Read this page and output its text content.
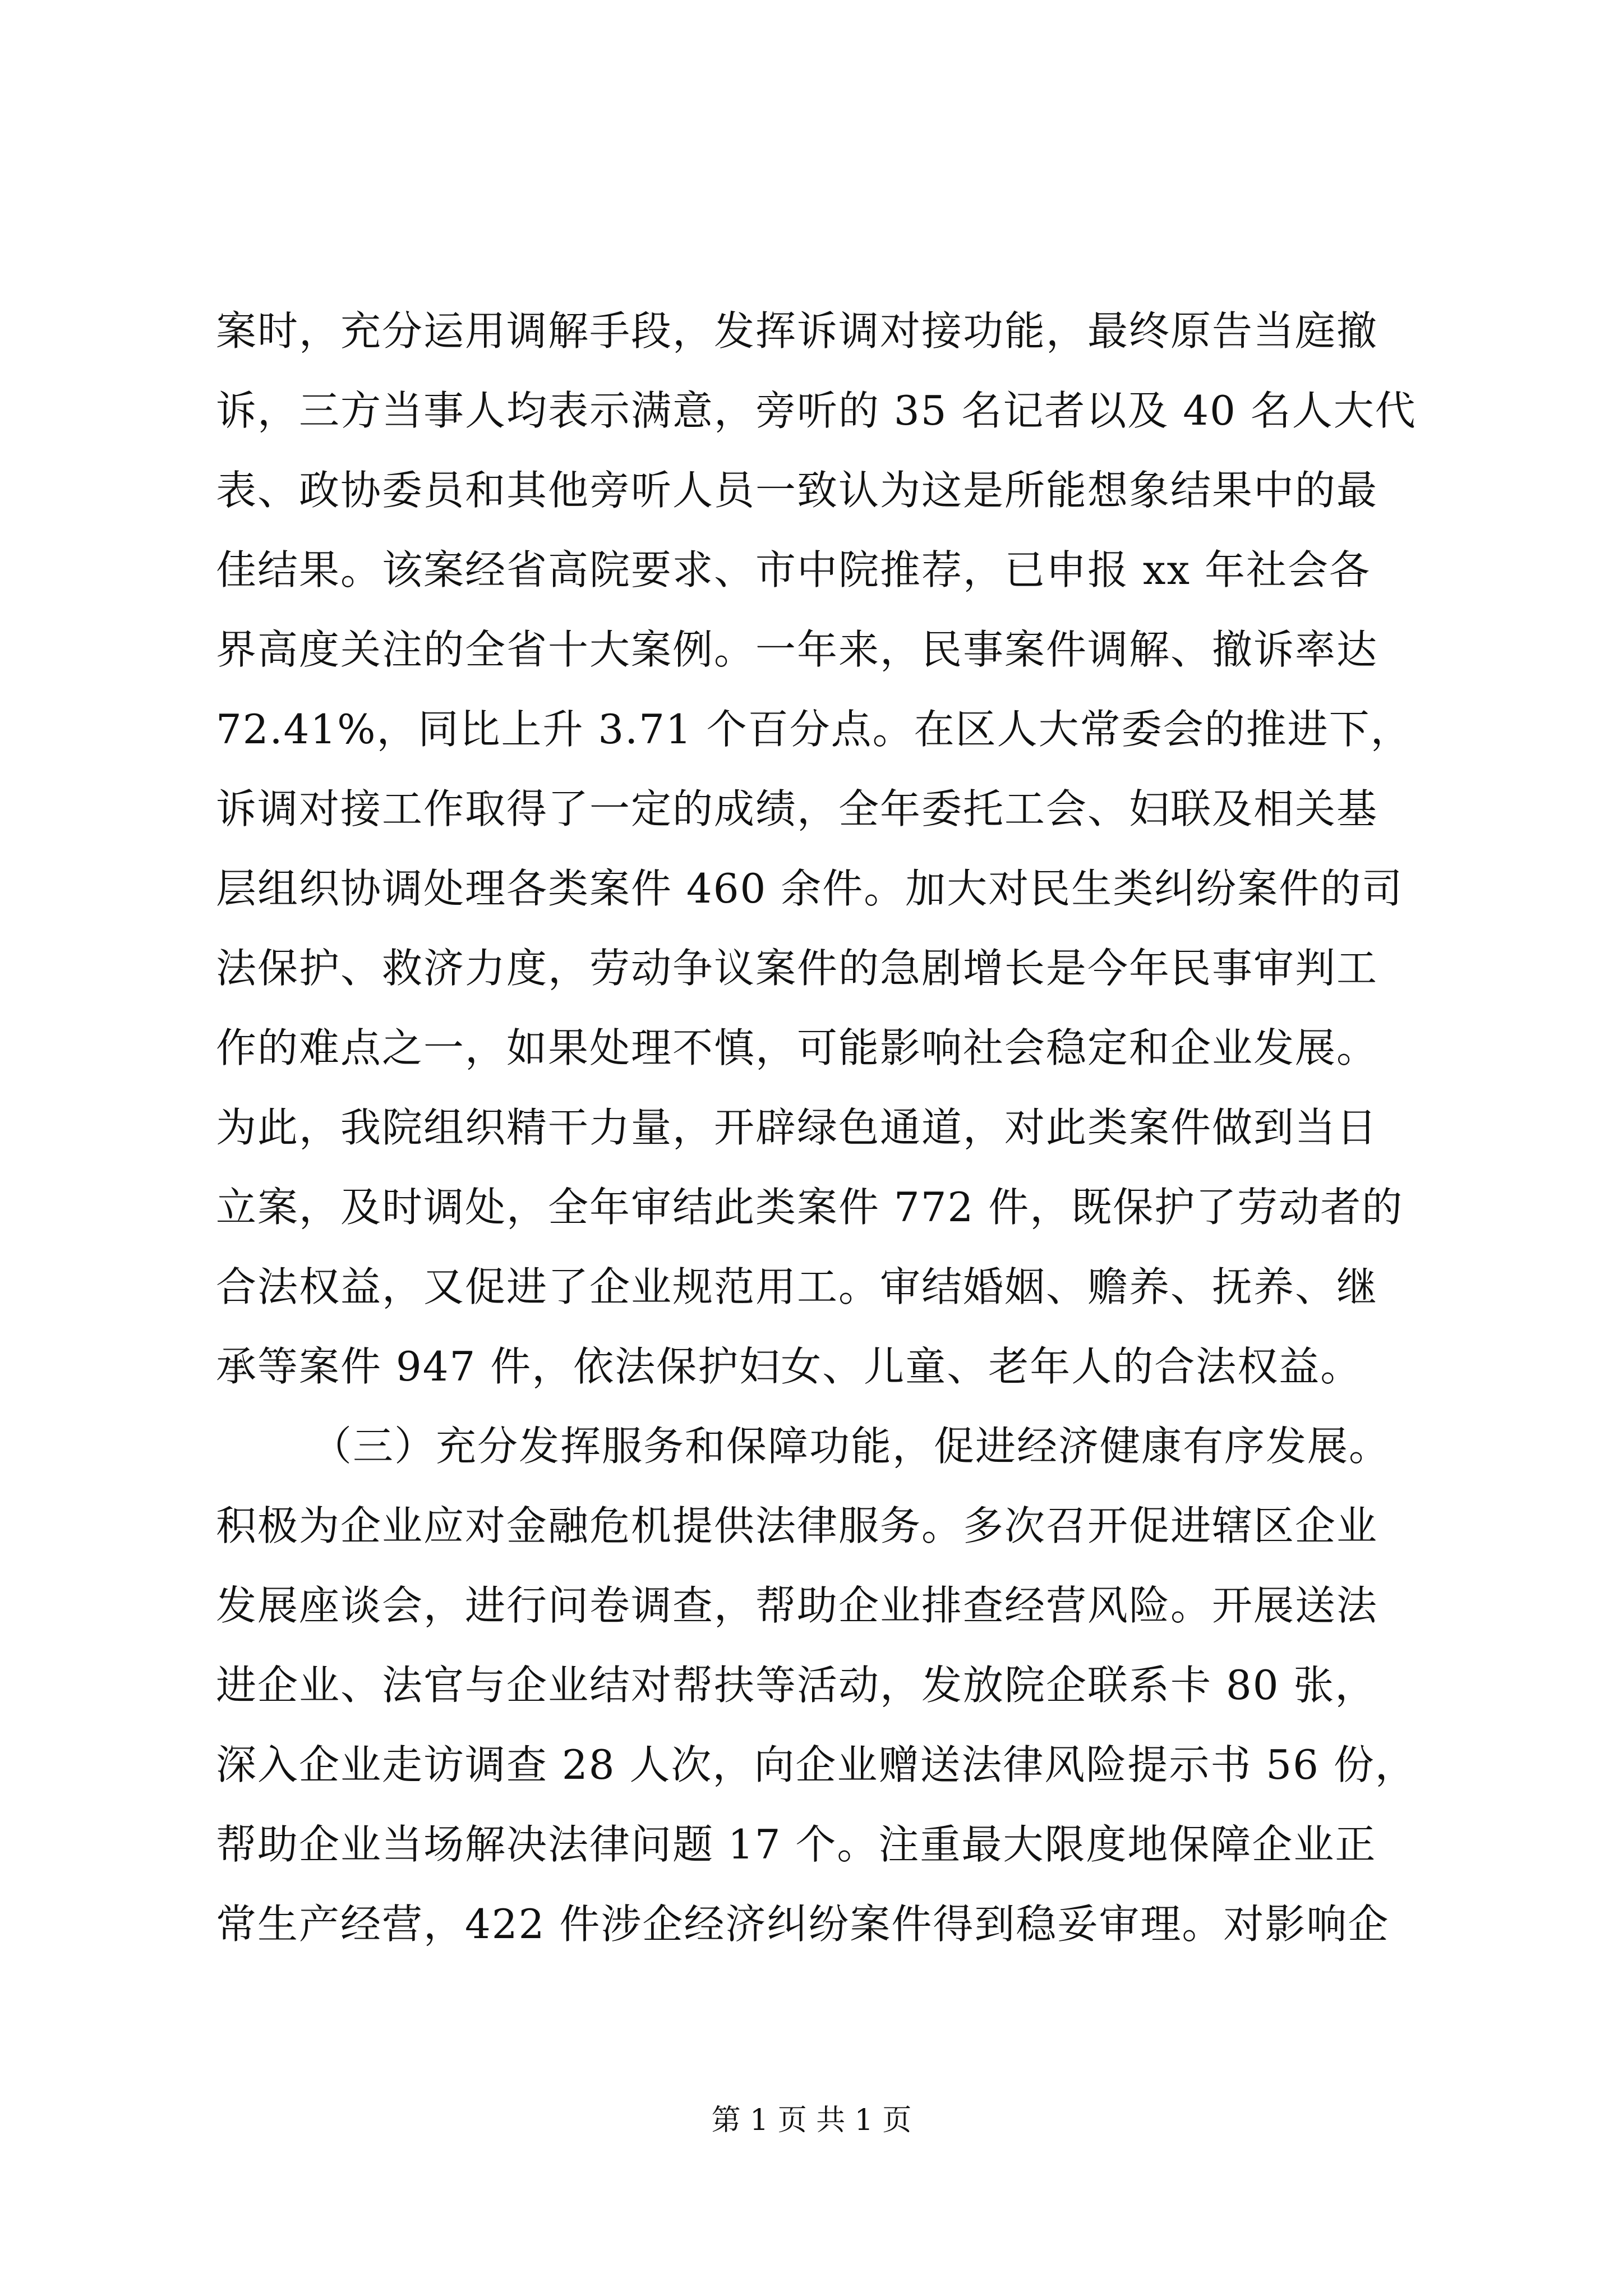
案时，充分运用调解手段，发挥诉调对接功能，最终原告当庭撤
诉，三方当事人均表示满意，旁听的 35 名记者以及 40 名人大代
表、政协委员和其他旁听人员一致认为这是所能想象结果中的最
佳结果。该案经省高院要求、市中院推荐，已申报 xx 年社会各
界高度关注的全省十大案例。一年来，民事案件调解、撤诉率达
72.41%，同比上升 3.71 个百分点。在区人大常委会的推进下，
诉调对接工作取得了一定的成绩，全年委托工会、妇联及相关基
层组织协调处理各类案件 460 余件。加大对民生类纠纷案件的司
法保护、救济力度，劳动争议案件的急剧增长是今年民事审判工
作的难点之一，如果处理不慎，可能影响社会稳定和企业发展。
为此，我院组织精干力量，开辟绿色通道，对此类案件做到当日
立案，及时调处，全年审结此类案件 772 件，既保护了劳动者的
合法权益，又促进了企业规范用工。审结婚姻、赡养、抚养、继
承等案件 947 件，依法保护妇女、儿童、老年人的合法权益。
（三）充分发挥服务和保障功能，促进经济健康有序发展。
积极为企业应对金融危机提供法律服务。多次召开促进辖区企业
发展座谈会，进行问卷调查，帮助企业排查经营风险。开展送法
进企业、法官与企业结对帮扶等活动，发放院企联系卡 80 张，
深入企业走访调查 28 人次，向企业赠送法律风险提示书 56 份，
帮助企业当场解决法律问题 17 个。注重最大限度地保障企业正
常生产经营，422 件涉企经济纠纷案件得到稳妥审理。对影响企
第 1 页 共 1 页
